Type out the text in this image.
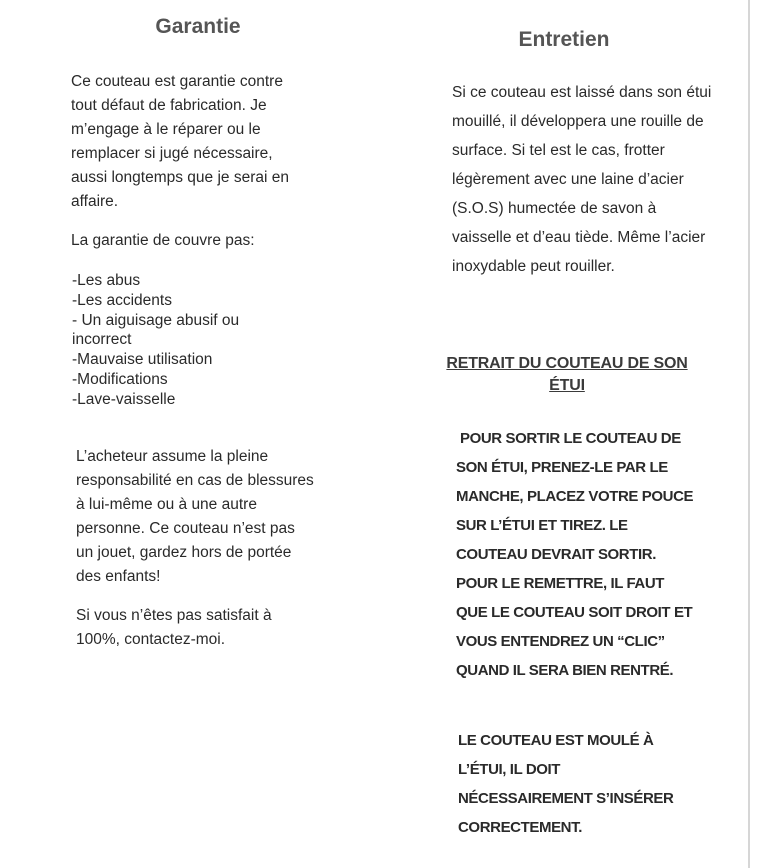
Garantie

Ce couteau est garantie contre tout défaut de fabrication. Je m’engage à le réparer ou le remplacer si jugé nécessaire, aussi longtemps que je serai en affaire.

La garantie de couvre pas:

-Les abus
-Les accidents
- Un aiguisage abusif ou incorrect
-Mauvaise utilisation
-Modifications
-Lave-vaisselle

L’acheteur assume la pleine responsabilité en cas de blessures à lui-même ou à une autre personne. Ce couteau n’est pas un jouet, gardez hors de portée des enfants!

Si vous n’êtes pas satisfait à 100%, contactez-moi.

Entretien

Si ce couteau est laissé dans son étui mouillé, il développera une rouille de surface. Si tel est le cas, frotter légèrement avec une laine d’acier (S.O.S) humectée de savon à vaisselle et d’eau tiède. Même l’acier inoxydable peut rouiller.

RETRAIT DU COUTEAU DE SON ÉTUI

POUR SORTIR LE COUTEAU DE SON ÉTUI, PRENEZ-LE PAR LE MANCHE, PLACEZ VOTRE POUCE SUR L’ÉTUI ET TIREZ. LE COUTEAU DEVRAIT SORTIR. POUR LE REMETTRE, IL FAUT QUE LE COUTEAU SOIT DROIT ET VOUS ENTENDREZ UN “CLIC” QUAND IL SERA BIEN RENTRÉ.

LE COUTEAU EST MOULÉ À L’ÉTUI, IL DOIT NÉCESSAIREMENT S’INSÉRER CORRECTEMENT.
